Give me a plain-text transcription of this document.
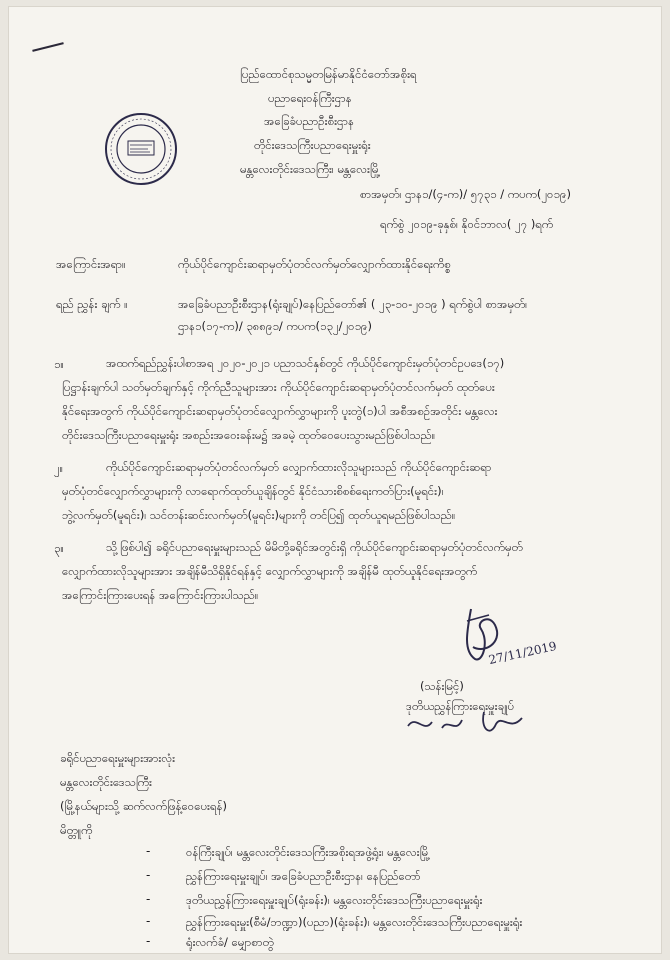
ပြည်ထောင်စုသမ္မတမြန်မာနိုင်ငံတော်အစိုးရ
ပညာရေးဝန်ကြီးဌာန
အခြေခံပညာဦးစီးဌာန
တိုင်းဒေသကြီးပညာရေးမှူးရုံး
မန္တလေးတိုင်းဒေသကြီး၊ မန္တလေးမြို့
စာအမှတ်၊ ဌာန၁/(၄-က)/ ၅၇၃၁ / ကပက(၂၀၁၉)
ရက်စွဲ ၂၀၁၉-ခုနှစ်၊ နိုဝင်ဘာလ( ၂၇ )ရက်
အကြောင်းအရာ။	ကိုယ်ပိုင်ကျောင်းဆရာမှတ်ပုံတင်လက်မှတ်လျှောက်ထားနိုင်ရေးကိစ္စ
ရည် ညွှန်း ချက် ။	အခြေခံပညာဦးစီးဌာန(ရုံးချုပ်)နေပြည်တော်၏ ( ၂၃-၁၀-၂၀၁၉ ) ရက်စွဲပါ စာအမှတ်၊
ဌာန၁(၁၇-က)/ ၃၈၈၉၁/ ကပက(၁၃၂/၂၀၁၉)
၁။	အထက်ရည်ညွှန်းပါစာအရ ၂၀၂၀-၂၀၂၁ ပညာသင်နှစ်တွင် ကိုယ်ပိုင်ကျောင်းမှတ်ပုံတင်ဥပဒေ(၁၇)
ပြဋ္ဌာန်းချက်ပါ သတ်မှတ်ချက်နှင့် ကိုက်ညီသူများအား ကိုယ်ပိုင်ကျောင်းဆရာမှတ်ပုံတင်လက်မှတ် ထုတ်ပေး
နိုင်ရေးအတွက် ကိုယ်ပိုင်ကျောင်းဆရာမှတ်ပုံတင်လျှောက်လွှာများကို ပူးတွဲ(၁)ပါ အစီအစဉ်အတိုင်း မန္တလေး
တိုင်းဒေသကြီးပညာရေးမှူးရုံး အစည်းအဝေးခန်းမ၌ အခမဲ့ ထုတ်ဝေပေးသွားမည်ဖြစ်ပါသည်။
၂။	ကိုယ်ပိုင်ကျောင်းဆရာမှတ်ပုံတင်လက်မှတ် လျှောက်ထားလိုသူများသည် ကိုယ်ပိုင်ကျောင်းဆရာ
မှတ်ပုံတင်လျှောက်လွှာများကို လာရောက်ထုတ်ယူချိန်တွင် နိုင်ငံသားစိစစ်ရေးကတ်ပြား(မူရင်း)၊
ဘွဲ့လက်မှတ်(မူရင်း)၊ သင်တန်းဆင်းလက်မှတ်(မူရင်း)များကို တင်ပြ၍ ထုတ်ယူရမည်ဖြစ်ပါသည်။
၃။	သို့ဖြစ်ပါ၍ ခရိုင်ပညာရေးမှူးများသည် မိမိတို့ခရိုင်အတွင်းရှိ ကိုယ်ပိုင်ကျောင်းဆရာမှတ်ပုံတင်လက်မှတ်
လျှောက်ထားလိုသူများအား အချိန်မီသိရှိနိုင်ရန်နှင့် လျှောက်လွှာများကို အချိန်မီ ထုတ်ယူနိုင်ရေးအတွက်
အကြောင်းကြားပေးရန် အကြောင်းကြားပါသည်။
27/11/2019
(သန်းမြင့်)
ဒုတိယညွှန်ကြားရေးမှူးချုပ်
ခရိုင်ပညာရေးမှူးများအားလုံး
မန္တလေးတိုင်းဒေသကြီး
(မြို့နယ်များသို့ ဆက်လက်ဖြန့်ဝေပေးရန်)
မိတ္တူကို
-	ဝန်ကြီးချုပ်၊ မန္တလေးတိုင်းဒေသကြီးအစိုးရအဖွဲ့ရုံး၊ မန္တလေးမြို့
-	ညွှန်ကြားရေးမှူးချုပ်၊ အခြေခံပညာဦးစီးဌာန၊ နေပြည်တော်
-	ဒုတိယညွှန်ကြားရေးမှူးချုပ်(ရုံးခန်း)၊ မန္တလေးတိုင်းဒေသကြီးပညာရေးမှူးရုံး
-	ညွှန်ကြားရေးမှူး(စီမံ/ဘဏ္ဍာ)(ပညာ)(ရုံးခန်း)၊ မန္တလေးတိုင်းဒေသကြီးပညာရေးမှူးရုံး
-	ရုံးလက်ခံ/ မျှောစာတွဲ
